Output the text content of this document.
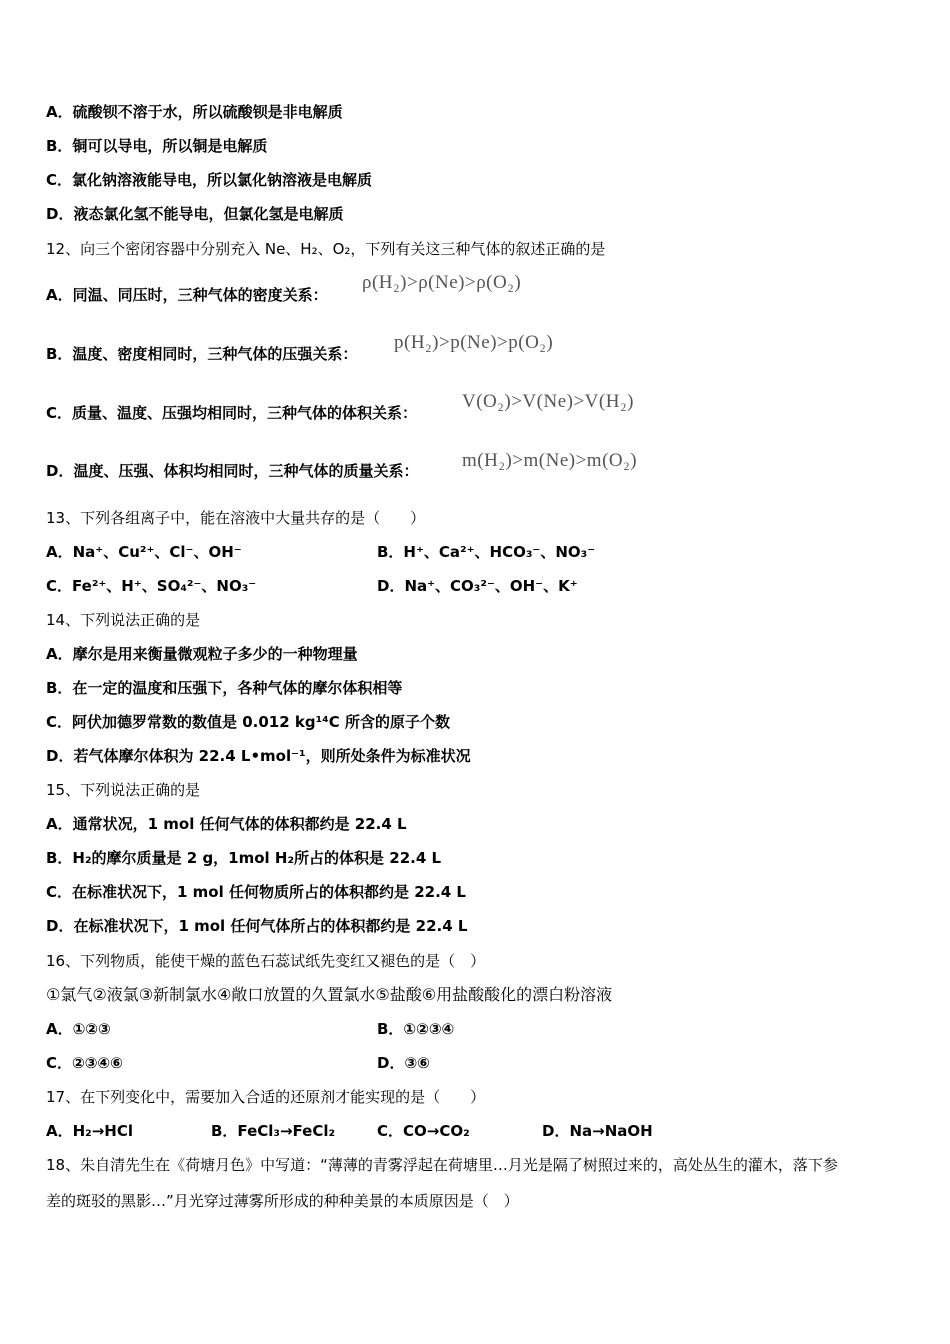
A．硫酸钡不溶于水，所以硫酸钡是非电解质
B．铜可以导电，所以铜是电解质
C．氯化钠溶液能导电，所以氯化钠溶液是电解质
D．液态氯化氢不能导电，但氯化氢是电解质
12、向三个密闭容器中分别充入 Ne、H₂、O₂，下列有关这三种气体的叙述正确的是
A．同温、同压时，三种气体的密度关系：
ρ(H₂)>ρ(Ne)>ρ(O₂)
B．温度、密度相同时，三种气体的压强关系：
p(H₂)>p(Ne)>p(O₂)
C．质量、温度、压强均相同时，三种气体的体积关系：
V(O₂)>V(Ne)>V(H₂)
D．温度、压强、体积均相同时，三种气体的质量关系： m(H₂)>m(Ne)>m(O₂)
13、下列各组离子中，能在溶液中大量共存的是（　　）
A．Na⁺、Cu²⁺、Cl⁻、OH⁻	B．H⁺、Ca²⁺、HCO₃⁻、NO₃⁻
C．Fe²⁺、H⁺、SO₄²⁻、NO₃⁻	D．Na⁺、CO₃²⁻、OH⁻、K⁺
14、下列说法正确的是
A．摩尔是用来衡量微观粒子多少的一种物理量
B．在一定的温度和压强下，各种气体的摩尔体积相等
C．阿伏加德罗常数的数值是 0.012 kg¹⁴C 所含的原子个数
D．若气体摩尔体积为 22.4 L•mol⁻¹，则所处条件为标准状况
15、下列说法正确的是
A．通常状况，1 mol 任何气体的体积都约是 22.4 L
B．H₂的摩尔质量是 2 g，1mol H₂所占的体积是 22.4 L
C．在标准状况下，1 mol 任何物质所占的体积都约是 22.4 L
D．在标准状况下，1 mol 任何气体所占的体积都约是 22.4 L
16、下列物质，能使干燥的蓝色石蕊试纸先变红又褪色的是（　）
①氯气②液氯③新制氯水④敞口放置的久置氯水⑤盐酸⑥用盐酸酸化的漂白粉溶液
A．①②③	B．①②③④
C．②③④⑥	D．③⑥
17、在下列变化中，需要加入合适的还原剂才能实现的是（　　）
A．H₂→HCl	B．FeCl₃→FeCl₂	C．CO→CO₂	D．Na→NaOH
18、朱自清先生在《荷塘月色》中写道：“薄薄的青雾浮起在荷塘里…月光是隔了树照过来的，高处丛生的灌木，落下参
差的斑驳的黑影…”月光穿过薄雾所形成的种种美景的本质原因是（　）
